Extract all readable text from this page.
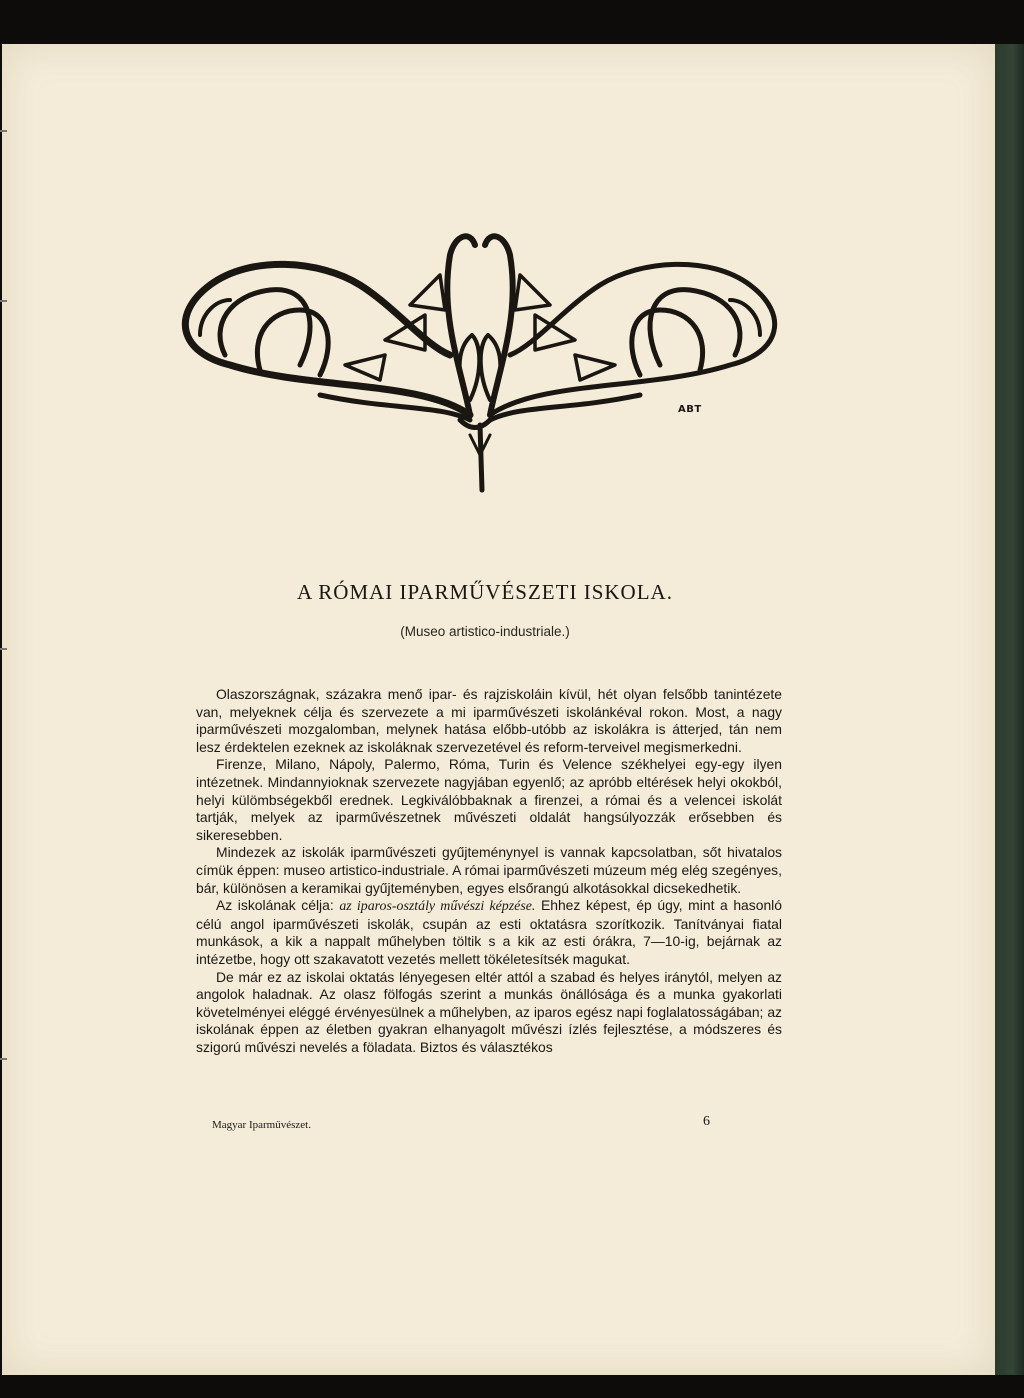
ABT
A RÓMAI IPARMŰVÉSZETI ISKOLA.
(Museo artistico-industriale.)

Olaszországnak, százakra menő ipar- és rajziskoláin kívül, hét olyan felsőbb tanintézete van, melyeknek célja és szervezete a mi iparművészeti iskolánkéval rokon. Most, a nagy iparművészeti mozgalomban, melynek hatása előbb-utóbb az iskolákra is átterjed, tán nem lesz érdektelen ezeknek az iskoláknak szervezetével és reform-terveivel megismerkedni.

Firenze, Milano, Nápoly, Palermo, Róma, Turin és Velence székhelyei egy-egy ilyen intézetnek. Mindannyioknak szervezete nagyjában egyenlő; az apróbb eltérések helyi okokból, helyi külömbségekből erednek. Legkiválóbbaknak a firenzei, a római és a velencei iskolát tartják, melyek az iparművészetnek művészeti oldalát hangsúlyozzák erősebben és sikeresebben.

Mindezek az iskolák iparművészeti gyűjteménynyel is vannak kapcsolatban, sőt hivatalos címük éppen: museo artistico-industriale. A római iparművészeti múzeum még elég szegényes, bár, különösen a keramikai gyűjteményben, egyes elsőrangú alkotásokkal dicsekedhetik.

Az iskolának célja: az iparos-osztály művészi képzése. Ehhez képest, ép úgy, mint a hasonló célú angol iparművészeti iskolák, csupán az esti oktatásra szorítkozik. Tanítványai fiatal munkások, a kik a nappalt műhelyben töltik s a kik az esti órákra, 7—10-ig, bejárnak az intézetbe, hogy ott szakavatott vezetés mellett tökéletesítsék magukat.

De már ez az iskolai oktatás lényegesen eltér attól a szabad és helyes iránytól, melyen az angolok haladnak. Az olasz fölfogás szerint a munkás önállósága és a munka gyakorlati követelményei eléggé érvényesülnek a műhelyben, az iparos egész napi foglalatosságában; az iskolának éppen az életben gyakran elhanyagolt művészi ízlés fejlesztése, a módszeres és szigorú művészi nevelés a föladata. Biztos és választékos

Magyar Iparművészet.	6
